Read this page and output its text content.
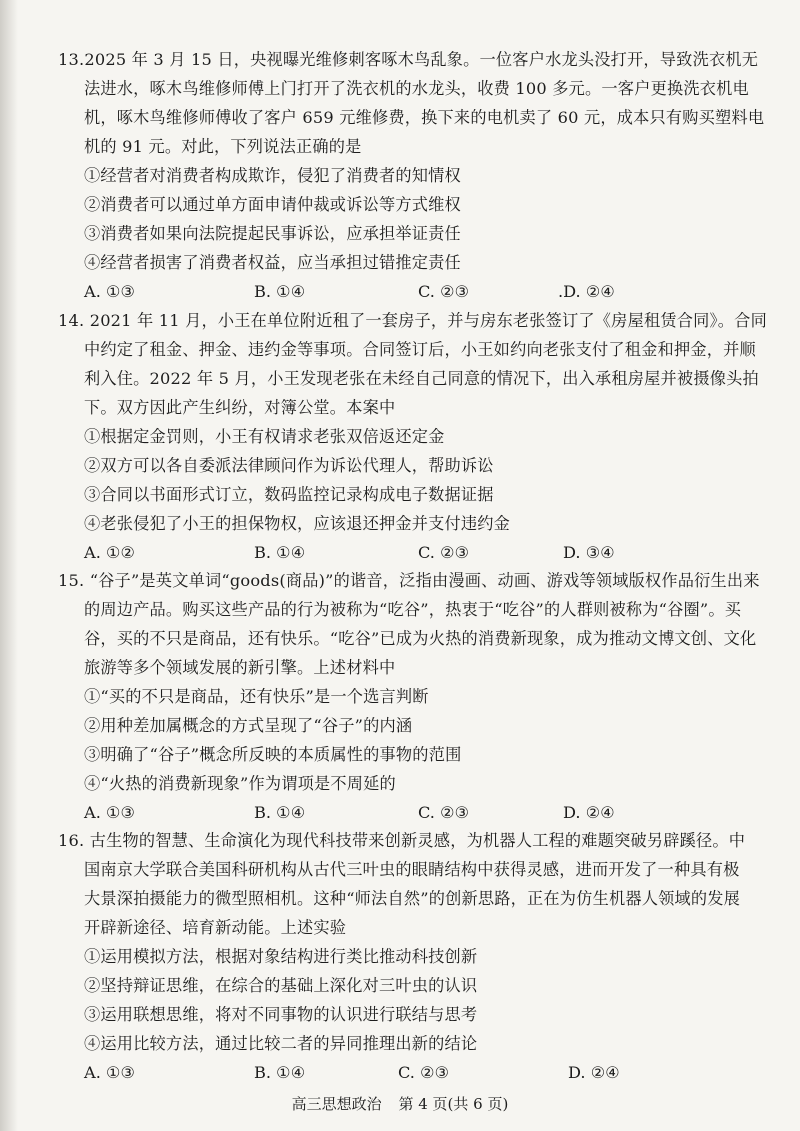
13.2025 年 3 月 15 日，央视曝光维修刺客啄木鸟乱象。一位客户水龙头没打开，导致洗衣机无
法进水，啄木鸟维修师傅上门打开了洗衣机的水龙头，收费 100 多元。一客户更换洗衣机电
机，啄木鸟维修师傅收了客户 659 元维修费，换下来的电机卖了 60 元，成本只有购买塑料电
机的 91 元。对此，下列说法正确的是
①经营者对消费者构成欺诈，侵犯了消费者的知情权
②消费者可以通过单方面申请仲裁或诉讼等方式维权
③消费者如果向法院提起民事诉讼，应承担举证责任
④经营者损害了消费者权益，应当承担过错推定责任
A. ①③	B. ①④	C. ②③	.D. ②④
14. 2021 年 11 月，小王在单位附近租了一套房子，并与房东老张签订了《房屋租赁合同》。合同
中约定了租金、押金、违约金等事项。合同签订后，小王如约向老张支付了租金和押金，并顺
利入住。2022 年 5 月，小王发现老张在未经自己同意的情况下，出入承租房屋并被摄像头拍
下。双方因此产生纠纷，对簿公堂。本案中
①根据定金罚则，小王有权请求老张双倍返还定金
②双方可以各自委派法律顾问作为诉讼代理人，帮助诉讼
③合同以书面形式订立，数码监控记录构成电子数据证据
④老张侵犯了小王的担保物权，应该退还押金并支付违约金
A. ①②	B. ①④	C. ②③	D. ③④
15. “谷子”是英文单词“goods(商品)”的谐音，泛指由漫画、动画、游戏等领域版权作品衍生出来
的周边产品。购买这些产品的行为被称为“吃谷”，热衷于“吃谷”的人群则被称为“谷圈”。买
谷，买的不只是商品，还有快乐。“吃谷”已成为火热的消费新现象，成为推动文博文创、文化
旅游等多个领域发展的新引擎。上述材料中
①“买的不只是商品，还有快乐”是一个选言判断
②用种差加属概念的方式呈现了“谷子”的内涵
③明确了“谷子”概念所反映的本质属性的事物的范围
④“火热的消费新现象”作为谓项是不周延的
A. ①③	B. ①④	C. ②③	D. ②④
16. 古生物的智慧、生命演化为现代科技带来创新灵感，为机器人工程的难题突破另辟蹊径。中
国南京大学联合美国科研机构从古代三叶虫的眼睛结构中获得灵感，进而开发了一种具有极
大景深拍摄能力的微型照相机。这种“师法自然”的创新思路，正在为仿生机器人领域的发展
开辟新途径、培育新动能。上述实验
①运用模拟方法，根据对象结构进行类比推动科技创新
②坚持辩证思维，在综合的基础上深化对三叶虫的认识
③运用联想思维，将对不同事物的认识进行联结与思考
④运用比较方法，通过比较二者的异同推理出新的结论
A. ①③	B. ①④	C. ②③	D. ②④
高三思想政治 第 4 页(共 6 页)
